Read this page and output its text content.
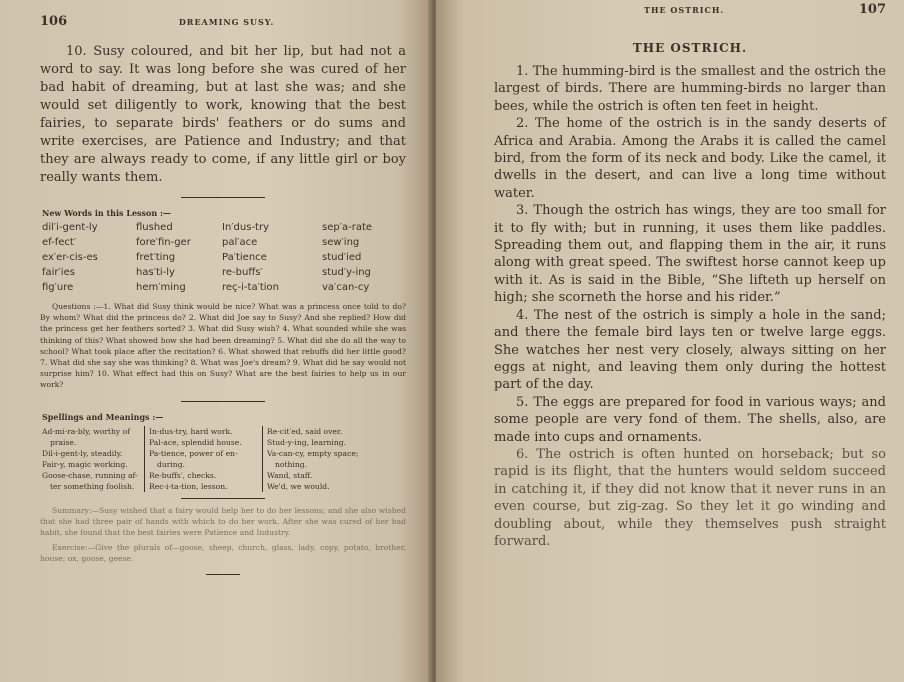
106	DREAMING SUSY.

10. Susy coloured, and bit her lip, but had not a word to say. It was long before she was cured of her bad habit of dreaming, but at last she was; and she would set diligently to work, knowing that the best fairies, to separate birds' feathers or do sums and write exercises, are Patience and Industry; and that they are always ready to come, if any little girl or boy really wants them.

New Words in this Lesson :—
dil′i-gent-ly	flushed	In′dus-try	sep′a-rate
ef-fect′	fore′fin-ger	pal′ace	sew′ing
ex′er-cis-es	fret′ting	Pa′tience	stud′ied
fair′ies	has′ti-ly	re-buffs′	stud′y-ing
fig′ure	hem′ming	reç-i-ta′tion	va′can-cy

Questions :—1. What did Susy think would be nice? What was a princess once told to do? By whom? What did the princess do? 2. What did Joe say to Susy? And she replied? How did the princess get her feathers sorted? 3. What did Susy wish? 4. What sounded while she was thinking of this? What showed how she had been dreaming? 5. What did she do all the way to school? What took place after the recitation? 6. What showed that rebuffs did her little good? 7. What did she say she was thinking? 8. What was Joe's dream? 9. What did he say would not surprise him? 10. What effect had this on Susy? What are the best fairies to help us in our work?

Spellings and Meanings :—
Ad-mi-ra-bly, worthy of
praise.
Dil-i-gent-ly, steadily.
Fair-y, magic working.
Goose-chase, running af-
ter something foolish.
In-dus-try, hard work.
Pal-ace, splendid house.
Pa-tience, power of en-
during.
Re-buffs′, checks.
Rec-i-ta-tion, lesson.
Re-cit′ed, said over.
Stud-y-ing, learning.
Va-can-cy, empty space;
nothing.
Wand, staff.
We'd, we would.

Summary:—Susy wished that a fairy would help her to do her lessons; and she also wished that she had three pair of hands with which to do her work. After she was cured of her bad habit, she found that the best fairies were Patience and Industry.

Exercise:—Give the plurals of—goose, sheep, church, glass, lady, copy, potato, brother, house; ox, goose, geese.

THE OSTRICH.	107
THE OSTRICH.

1. The humming-bird is the smallest and the ostrich the largest of birds. There are humming-birds no larger than bees, while the ostrich is often ten feet in height.

2. The home of the ostrich is in the sandy deserts of Africa and Arabia. Among the Arabs it is called the camel bird, from the form of its neck and body. Like the camel, it dwells in the desert, and can live a long time without water.

3. Though the ostrich has wings, they are too small for it to fly with; but in running, it uses them like paddles. Spreading them out, and flapping them in the air, it runs along with great speed. The swiftest horse cannot keep up with it. As is said in the Bible, “She lifteth up herself on high; she scorneth the horse and his rider.”

4. The nest of the ostrich is simply a hole in the sand; and there the female bird lays ten or twelve large eggs. She watches her nest very closely, always sitting on her eggs at night, and leaving them only during the hottest part of the day.

5. The eggs are prepared for food in various ways; and some people are very fond of them. The shells, also, are made into cups and ornaments.

6. The ostrich is often hunted on horseback; but so rapid is its flight, that the hunters would seldom succeed in catching it, if they did not know that it never runs in an even course, but zig-zag. So they let it go winding and doubling about, while they themselves push straight forward.
